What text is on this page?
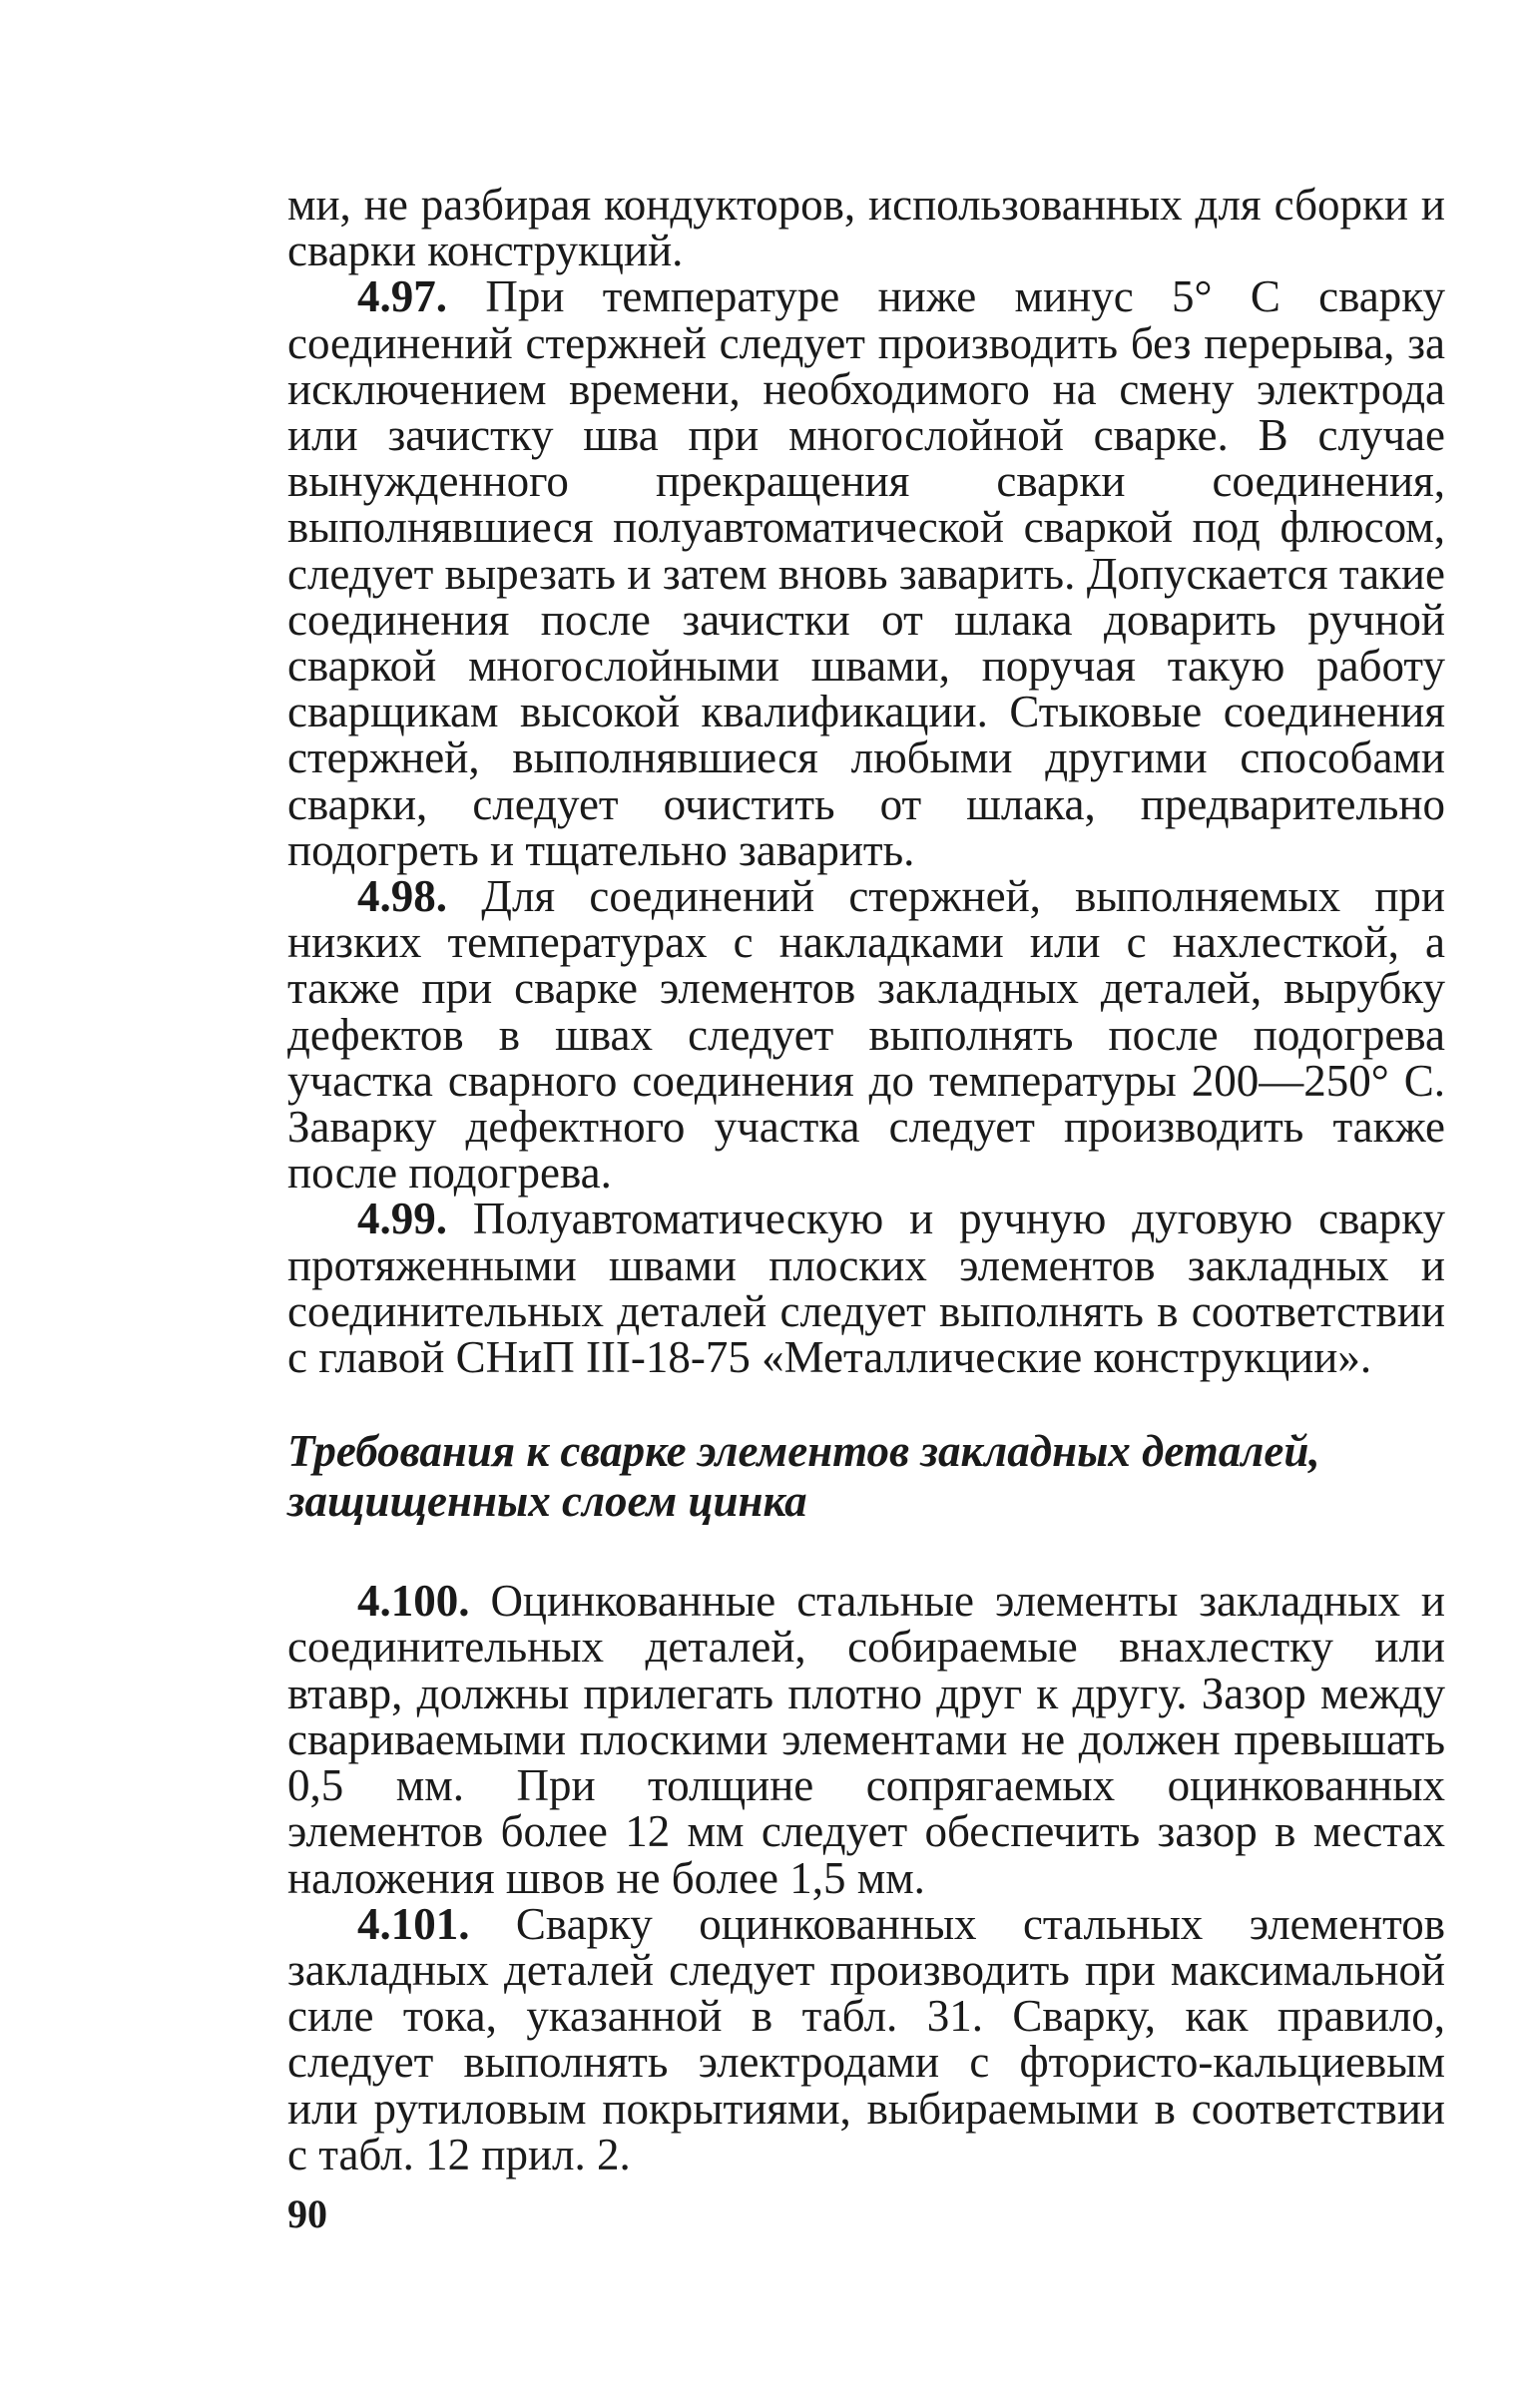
ми, не разбирая кондукторов, использованных для сборки и сварки конструкций.

4.97. При температуре ниже минус 5° С сварку соединений стержней следует производить без перерыва, за исключением времени, необходимого на смену электрода или зачистку шва при многослойной сварке. В случае вынужденного прекращения сварки соединения, выполнявшиеся полуавтоматической сваркой под флюсом, следует вырезать и затем вновь заварить. Допускается такие соединения после зачистки от шлака доварить ручной сваркой многослойными швами, поручая такую работу сварщикам высокой квалификации. Стыковые соединения стержней, выполнявшиеся любыми другими способами сварки, следует очистить от шлака, предварительно подогреть и тщательно заварить.

4.98. Для соединений стержней, выполняемых при низких температурах с накладками или с нахлесткой, а также при сварке элементов закладных деталей, вырубку дефектов в швах следует выполнять после подогрева участка сварного соединения до температуры 200—250° С. Заварку дефектного участка следует производить также после подогрева.

4.99. Полуавтоматическую и ручную дуговую сварку протяженными швами плоских элементов закладных и соединительных деталей следует выполнять в соответствии с главой СНиП III-18-75 «Металлические конструкции».

Требования к сварке элементов закладных деталей, защищенных слоем цинка

4.100. Оцинкованные стальные элементы закладных и соединительных деталей, собираемые внахлестку или втавр, должны прилегать плотно друг к другу. Зазор между свариваемыми плоскими элементами не должен превышать 0,5 мм. При толщине сопрягаемых оцинкованных элементов более 12 мм следует обеспечить зазор в местах наложения швов не более 1,5 мм.

4.101. Сварку оцинкованных стальных элементов закладных деталей следует производить при максимальной силе тока, указанной в табл. 31. Сварку, как правило, следует выполнять электродами с фтористо-кальциевым или рутиловым покрытиями, выбираемыми в соответствии с табл. 12 прил. 2.

90
